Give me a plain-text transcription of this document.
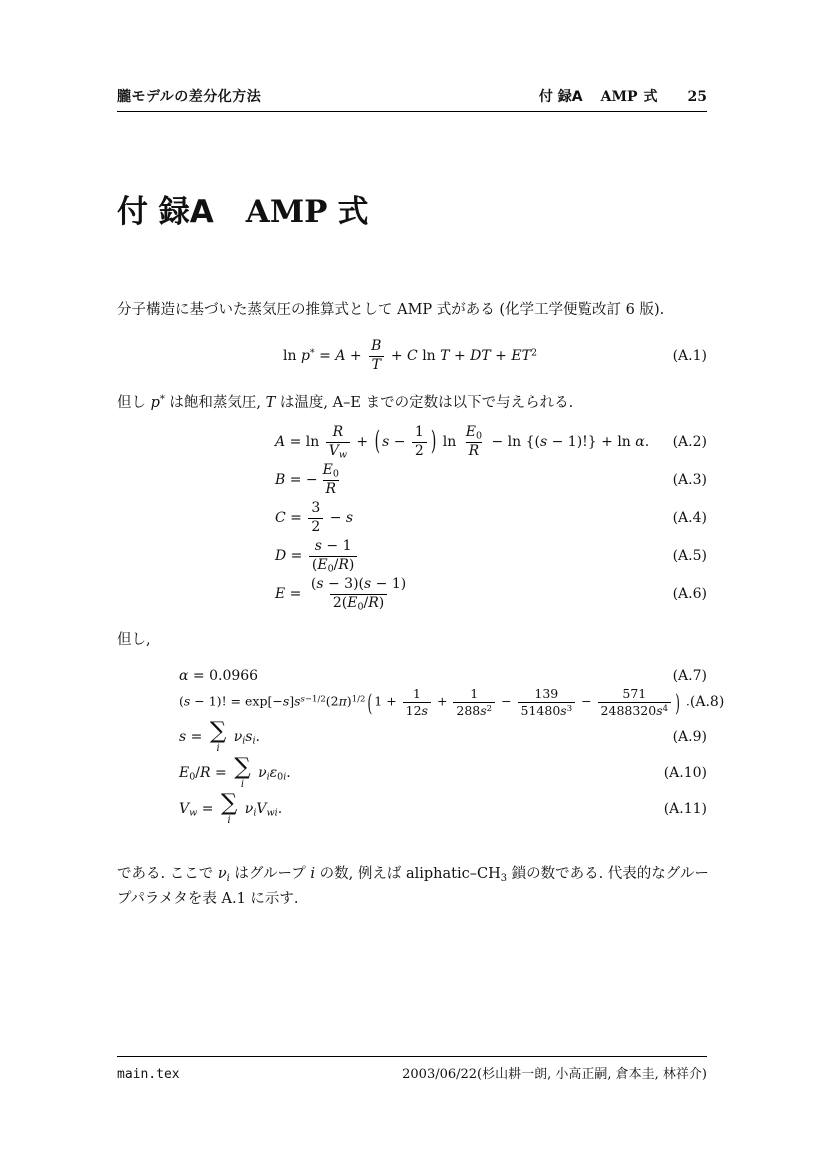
朧モデルの差分化方法	付 録A AMP 式 25
付 録A AMP 式

分子構造に基づいた蒸気圧の推算式として AMP 式がある (化学工学便覧改訂 6 版).

$\ln p^* = A + \frac{B}{T} + C$ ln T + DT + $ET^2$	(A.1)

但し p* は飽和蒸気圧, T は温度, A–E までの定数は以下で与えられる.

$A = \ln \frac{R}{V_w}$ + ( $s - \frac{1}{2}$ ) $\ln \frac{E_0}{R} - \ln \{(s - 1)!\} + \ln \alpha$. (A.2)
B = − $\frac{E_0}{R}$	(A.3)
$C = \frac{3}{2} - s$	(A.4)
$D = \frac{s - 1}{(E_0/R)}$	(A.5)
$E = \frac{(s - 3)(s - 1)}{2(E_0/R)}$	(A.6)

但し,

α = 0.0966	(A.7)
(s − 1)! = $\exp[-s]s^{s-1/2}(2\pi)^{1/2}$ ( $1 + \frac{1}{12s} + \frac{1}{288s^2} - \frac{139}{51480s^3} - \frac{571}{2488320s^4}$ ) . (A.8)
s = ∑
i
$\nu_is_i$.	(A.9)
$E_0/R$ = ∑
i
$\nu_i\varepsilon_{0i}$.	(A.10)
$V_w$ = ∑
i
$\nu_iV_{wi}$.	(A.11)

である. ここで $\nu_i$ はグループ i の数, 例えば aliphatic–$CH_3$ 鎖の数である. 代表的なグループパラメタを表 A.1 に示す.

main.tex	2003/06/22(杉山耕一朗, 小高正嗣, 倉本圭, 林祥介)
